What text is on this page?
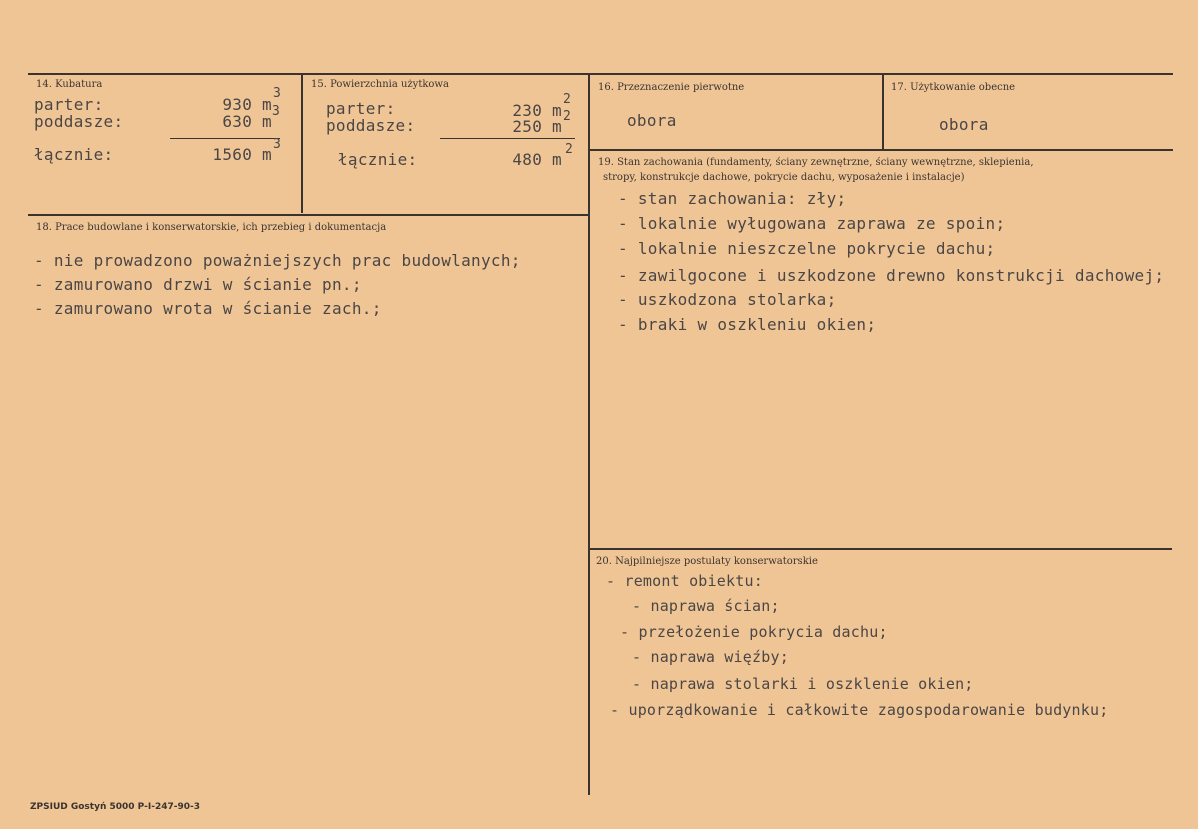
14. Kubatura
parter:	930 m
3
poddasze:	630 m
3
łącznie:	1560 m
3
15. Powierzchnia użytkowa
parter:	230 m
2
poddasze:	250 m
2
łącznie:	480 m
2
16. Przeznaczenie pierwotne
obora
17. Użytkowanie obecne
obora
18. Prace budowlane i konserwatorskie, ich przebieg i dokumentacja
- nie prowadzono poważniejszych prac budowlanych;
- zamurowano drzwi w ścianie pn.;
- zamurowano wrota w ścianie zach.;
19. Stan zachowania (fundamenty, ściany zewnętrzne, ściany wewnętrzne, sklepienia,
stropy, konstrukcje dachowe, pokrycie dachu, wyposażenie i instalacje)
- stan zachowania: zły;
- lokalnie wyługowana zaprawa ze spoin;
- lokalnie nieszczelne pokrycie dachu;
- zawilgocone i uszkodzone drewno konstrukcji dachowej;
- uszkodzona stolarka;
- braki w oszkleniu okien;
20. Najpilniejsze postulaty konserwatorskie
- remont obiektu:
- naprawa ścian;
- przełożenie pokrycia dachu;
- naprawa więźby;
- naprawa stolarki i oszklenie okien;
- uporządkowanie i całkowite zagospodarowanie budynku;
ZPSIUD Gostyń 5000 P-I-247-90-3
